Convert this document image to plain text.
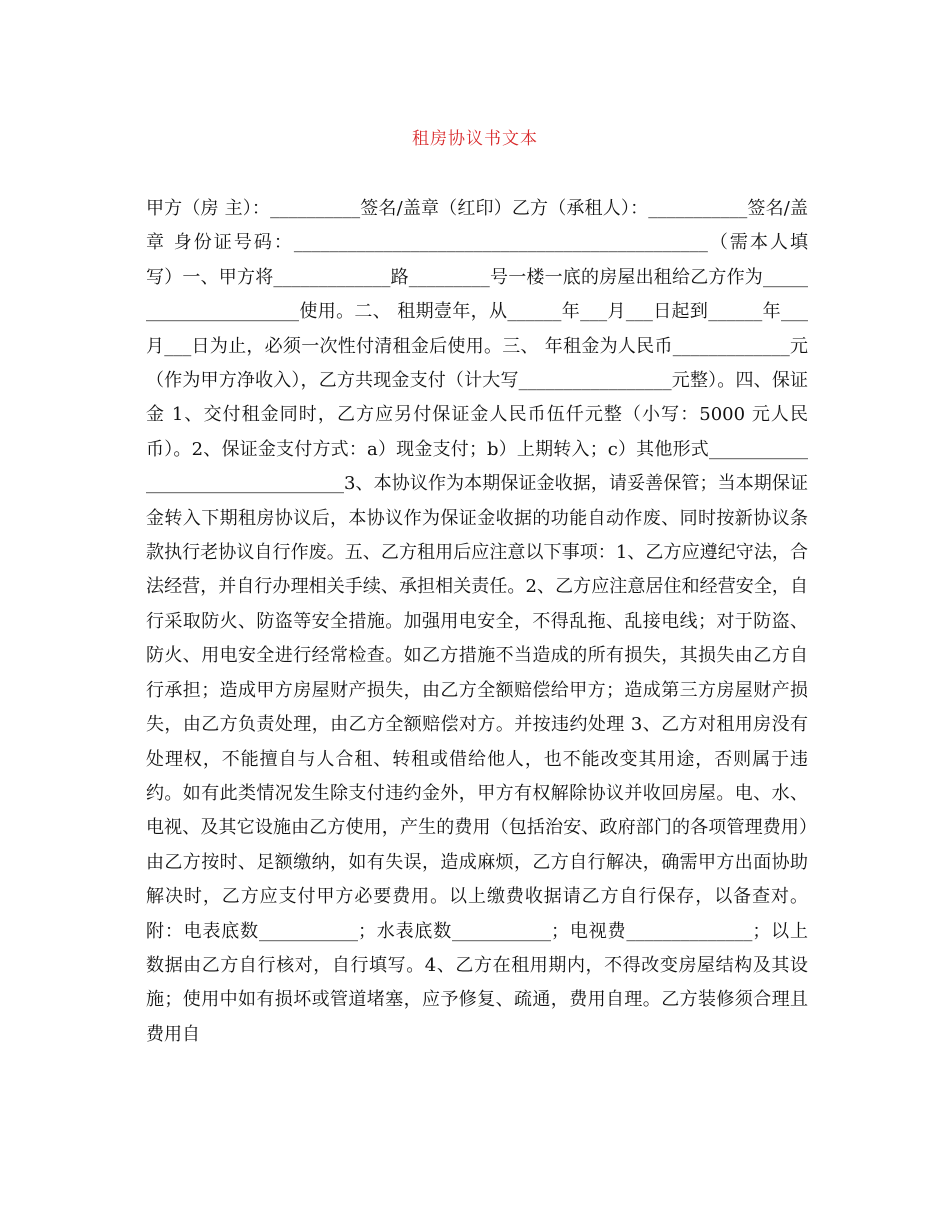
租房协议书文本

甲方（房 主）：__________签名/盖章（红印）乙方（承租人）：___________签名/盖章 身份证号码：______________________________________________（需本人填写）一、甲方将_____________路_________号一楼一底的房屋出租给乙方作为______________________使用。二、 租期壹年，从______年___月___日起到______年___月___日为止，必须一次性付清租金后使用。三、 年租金为人民币_____________元（作为甲方净收入），乙方共现金支付（计大写_________________元整）。四、保证金 1、交付租金同时，乙方应另付保证金人民币伍仟元整（小写：5000 元人民币）。2、保证金支付方式：a）现金支付；b）上期转入；c）其他形式_________________________________3、本协议作为本期保证金收据，请妥善保管；当本期保证金转入下期租房协议后，本协议作为保证金收据的功能自动作废、同时按新协议条款执行老协议自行作废。五、乙方租用后应注意以下事项：1、乙方应遵纪守法，合法经营，并自行办理相关手续、承担相关责任。2、乙方应注意居住和经营安全，自行采取防火、防盗等安全措施。加强用电安全，不得乱拖、乱接电线；对于防盗、防火、用电安全进行经常检查。如乙方措施不当造成的所有损失，其损失由乙方自行承担；造成甲方房屋财产损失，由乙方全额赔偿给甲方；造成第三方房屋财产损失，由乙方负责处理，由乙方全额赔偿对方。并按违约处理 3、乙方对租用房没有处理权，不能擅自与人合租、转租或借给他人，也不能改变其用途，否则属于违约。如有此类情况发生除支付违约金外，甲方有权解除协议并收回房屋。电、水、电视、及其它设施由乙方使用，产生的费用（包括治安、政府部门的各项管理费用）由乙方按时、足额缴纳，如有失误，造成麻烦，乙方自行解决，确需甲方出面协助解决时，乙方应支付甲方必要费用。以上缴费收据请乙方自行保存，以备查对。附：电表底数___________；水表底数___________；电视费______________；以上数据由乙方自行核对，自行填写。4、乙方在租用期内，不得改变房屋结构及其设施；使用中如有损坏或管道堵塞，应予修复、疏通，费用自理。乙方装修须合理且费用自
